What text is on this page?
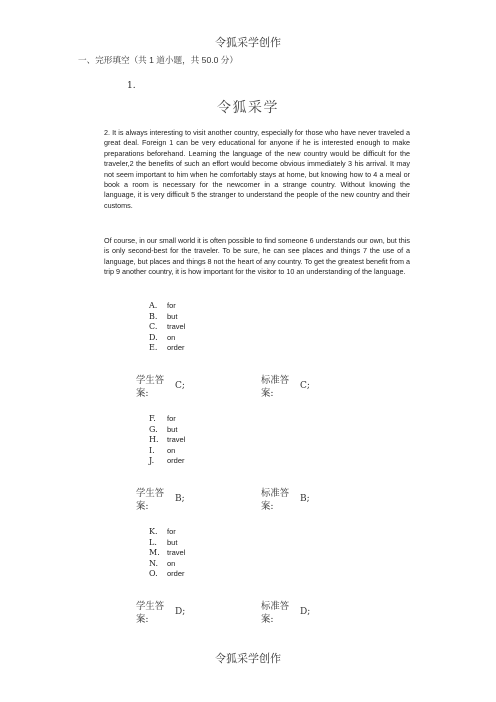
令狐采学创作
一、完形填空（共 1 道小题，共 50.0 分）
1.
令狐采学
2. It is always interesting to visit another country, especially for those who have never traveled a great deal. Foreign 1 can be very educational for anyone if he is interested enough to make preparations beforehand. Learning the language of the new country would be difficult for the traveler,2 the benefits of such an effort would become obvious immediately 3 his arrival. It may not seem important to him when he comfortably stays at home, but knowing how to 4 a meal or book a room is necessary for the newcomer in a strange country. Without knowing the language, it is very difficult 5 the stranger to understand the people of the new country and their customs.
Of course, in our small world it is often possible to find someone 6 understands our own, but this is only second-best for the traveler. To be sure, he can see places and things 7 the use of a language, but places and things 8 not the heart of any country. To get the greatest benefit from a trip 9 another country, it is how important for the visitor to 10 an understanding of the language.
A.	for
B.	but
C.	travel
D.	on
E.	order
学生答案:
C;	标准答案:
C;
F.	for
G.	but
H.	travel
I.	on
J.	order
学生答案:
B;	标准答案:
B;
K.	for
L.	but
M. travel
N.	on
O.	order
学生答案:
D;	标准答案:
D;
令狐采学创作
